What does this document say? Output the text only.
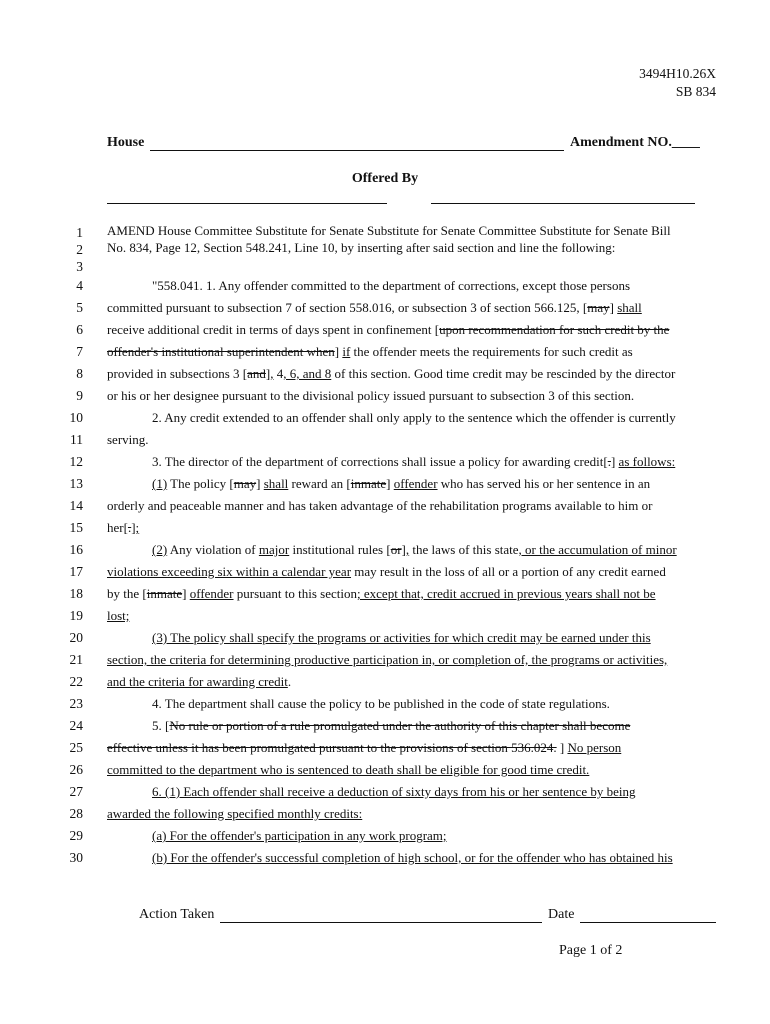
3494H10.26X
SB 834
House	Amendment NO.____
Offered By
1 AMEND House Committee Substitute for Senate Substitute for Senate Committee Substitute for Senate Bill
2 No. 834, Page 12, Section 548.241, Line 10, by inserting after said section and line the following:
3
4	"558.041. 1. Any offender committed to the department of corrections, except those persons
5 committed pursuant to subsection 7 of section 558.016, or subsection 3 of section 566.125, [may] shall
6 receive additional credit in terms of days spent in confinement [upon recommendation for such credit by the
7 offender's institutional superintendent when] if the offender meets the requirements for such credit as
8 provided in subsections 3 [and], 4, 6, and 8 of this section. Good time credit may be rescinded by the director
9 or his or her designee pursuant to the divisional policy issued pursuant to subsection 3 of this section.
10	2. Any credit extended to an offender shall only apply to the sentence which the offender is currently
11 serving.
12	3. The director of the department of corrections shall issue a policy for awarding credit[.] as follows:
13	(1) The policy [may] shall reward an [inmate] offender who has served his or her sentence in an
14 orderly and peaceable manner and has taken advantage of the rehabilitation programs available to him or
15 her[.];
16	(2) Any violation of major institutional rules [or], the laws of this state, or the accumulation of minor
17 violations exceeding six within a calendar year may result in the loss of all or a portion of any credit earned
18 by the [inmate] offender pursuant to this section; except that, credit accrued in previous years shall not be
19 lost;
20	(3) The policy shall specify the programs or activities for which credit may be earned under this
21 section, the criteria for determining productive participation in, or completion of, the programs or activities,
22 and the criteria for awarding credit.
23	4. The department shall cause the policy to be published in the code of state regulations.
24	5. [No rule or portion of a rule promulgated under the authority of this chapter shall become
25 effective unless it has been promulgated pursuant to the provisions of section 536.024. ] No person
26 committed to the department who is sentenced to death shall be eligible for good time credit.
27	6. (1) Each offender shall receive a deduction of sixty days from his or her sentence by being
28 awarded the following specified monthly credits:
29	(a) For the offender's participation in any work program;
30	(b) For the offender's successful completion of high school, or for the offender who has obtained his
Action Taken	Date
Page 1 of 2
